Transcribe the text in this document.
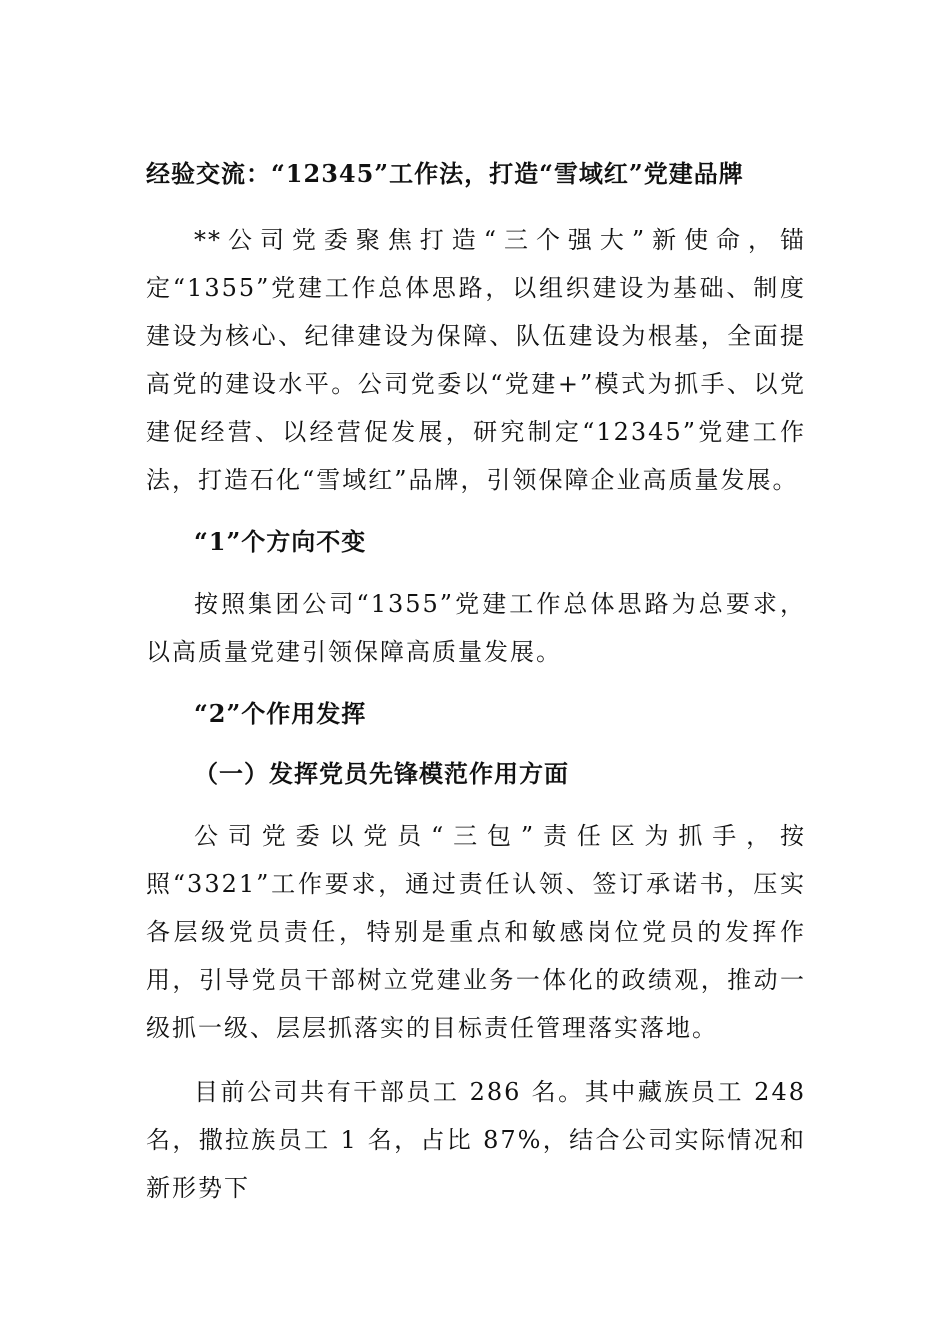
经验交流：“12345”工作法，打造“雪域红”党建品牌

**公司党委聚焦打造“三个强大”新使命，锚定“1355”党建工作总体思路，以组织建设为基础、制度建设为核心、纪律建设为保障、队伍建设为根基，全面提高党的建设水平。公司党委以“党建+”模式为抓手、以党建促经营、以经营促发展，研究制定“12345”党建工作法，打造石化“雪域红”品牌，引领保障企业高质量发展。

“1”个方向不变

按照集团公司“1355”党建工作总体思路为总要求，以高质量党建引领保障高质量发展。

“2”个作用发挥

（一）发挥党员先锋模范作用方面

公司党委以党员“三包”责任区为抓手，按照“3321”工作要求，通过责任认领、签订承诺书，压实各层级党员责任，特别是重点和敏感岗位党员的发挥作用，引导党员干部树立党建业务一体化的政绩观，推动一级抓一级、层层抓落实的目标责任管理落实落地。

目前公司共有干部员工 286 名。其中藏族员工 248 名，撒拉族员工 1 名，占比 87%，结合公司实际情况和新形势下
